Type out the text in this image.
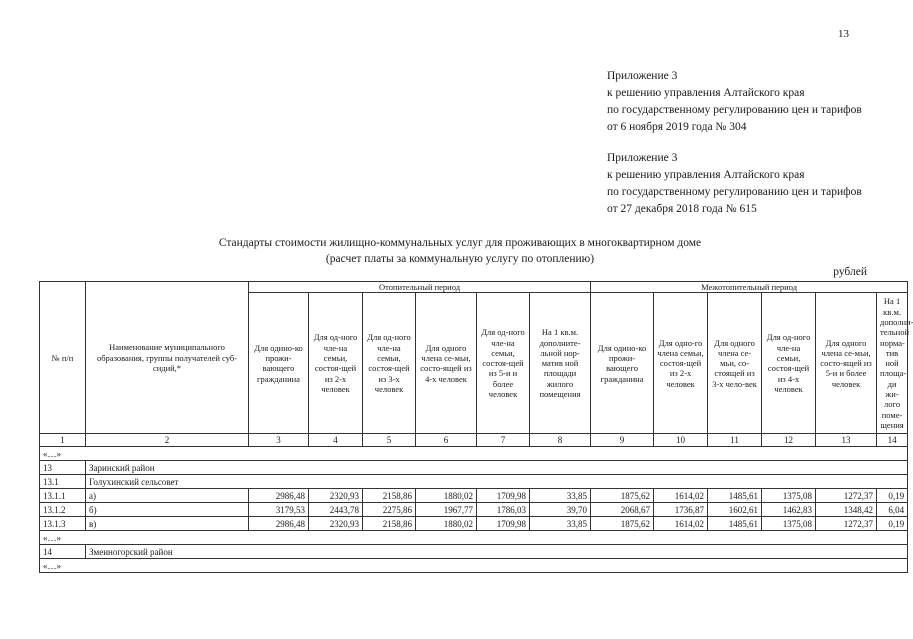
13
Приложение 3
к решению управления Алтайского края
по государственному регулированию цен и тарифов
от 6 ноября 2019 года № 304
Приложение 3
к решению управления Алтайского края
по государственному регулированию цен и тарифов
от 27 декабря 2018 года № 615
Стандарты стоимости жилищно-коммунальных услуг для проживающих в многоквартирном доме
(расчет платы за коммунальную услугу по отоплению)
рублей
№ п/п	Наименование муниципального образования, группы получателей суб-сидий,*	Отопительный период						Межотопительный период					
		Для одино-ко прожи-вающего гражданина	Для од-ного чле-на семьи, состоя-щей из 2-х человек	Для од-ного чле-на семьи, состоя-щей из 3-х человек	Для одного члена се-мьи, состо-ящей из 4-х человек	Для од-ного чле-на семьи, состоя-щей из 5-и и более человек	На 1 кв.м. дополните-льной нор-матив ной площади жилого помещения	Для одино-ко прожи-вающего гражданина	Для одно-го члена семьи, состоя-щей из 2-х человек	Для одного члена се-мьи, со-стоящей из 3-х чело-век	Для од-ного чле-на семьи, состоя-щей из 4-х человек	Для одного члена се-мьи, состо-ящей из 5-и и более человек	На 1 кв.м. дополни-тельной норма-тив ной площа-ди жи-лого поме-щения
1	2	3	4	5	6	7	8	9	10	11	12	13	14
«…»													
13	Заринский район												
13.1	Голухинский сельсовет												
13.1.1	а)	2986,48	2320,93	2158,86	1880,02	1709,98	33,85	1875,62	1614,02	1485,61	1375,08	1272,37	0,19
13.1.2	б)	3179,53	2443,78	2275,86	1967,77	1786,03	39,70	2068,67	1736,87	1602,61	1462,83	1348,42	6,04
13.1.3	в)	2986,48	2320,93	2158,86	1880,02	1709,98	33,85	1875,62	1614,02	1485,61	1375,08	1272,37	0,19
«…»													
14	Змеиногорский район												
«…»													
